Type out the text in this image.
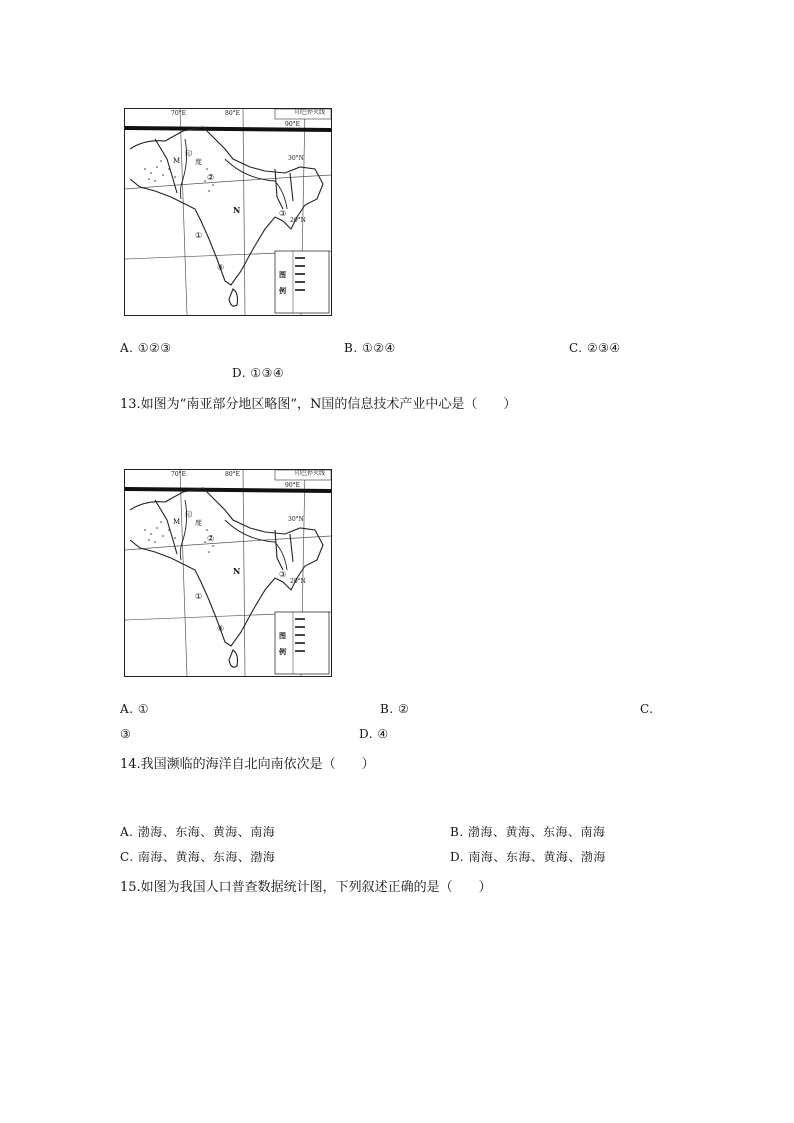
印巴停火线
70°E	80°E
90°E
30°N
20°N
印
度
M
N
②
③
①
④
图例
A. ①②③	B. ①②④	C. ②③④
D. ①③④
13.如图为“南亚部分地区略图”，N国的信息技术产业中心是（　　）
印巴停火线
70°E	80°E
90°E
30°N
20°N
印
度
M
N
②
③
①
④
图例
A. ①	B. ②	C.
③	D. ④
14.我国濒临的海洋自北向南依次是（　　）
A. 渤海、东海、黄海、南海	B. 渤海、黄海、东海、南海
C. 南海、黄海、东海、渤海	D. 南海、东海、黄海、渤海
15.如图为我国人口普查数据统计图，下列叙述正确的是（　　）
